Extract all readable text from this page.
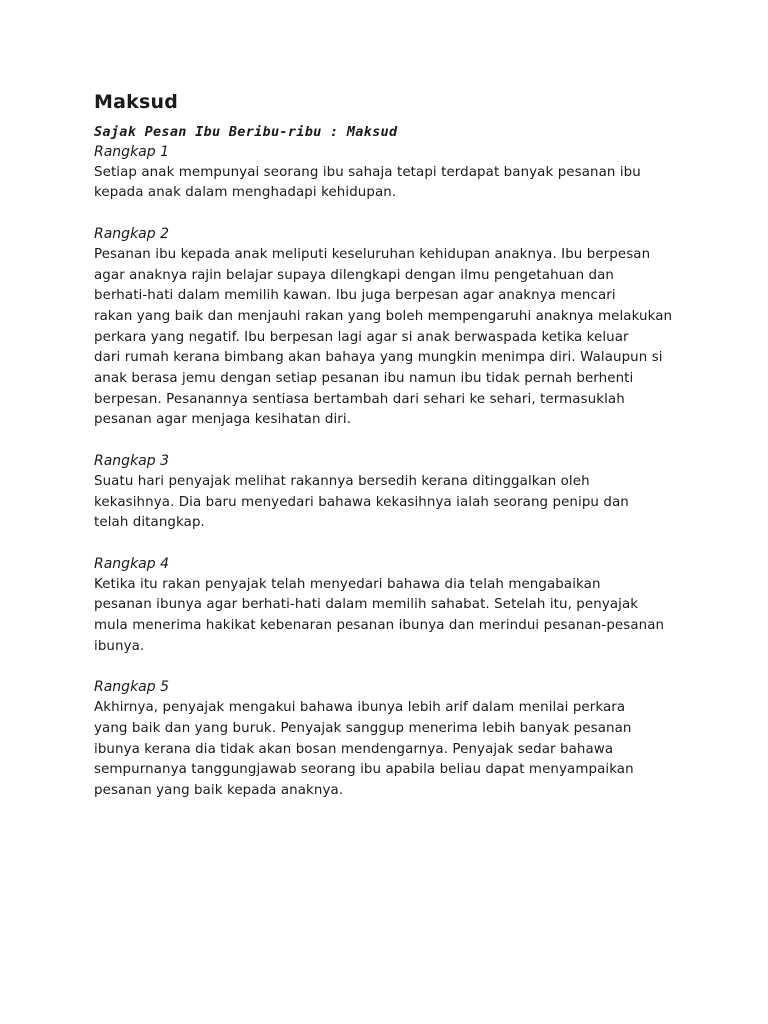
Maksud

Sajak Pesan Ibu Beribu-ribu : Maksud

Rangkap 1

Setiap anak mempunyai seorang ibu sahaja tetapi terdapat banyak pesanan ibu

kepada anak dalam menghadapi kehidupan.

Rangkap 2

Pesanan ibu kepada anak meliputi keseluruhan kehidupan anaknya. Ibu berpesan

agar anaknya rajin belajar supaya dilengkapi dengan ilmu pengetahuan dan

berhati-hati dalam memilih kawan. Ibu juga berpesan agar anaknya mencari

rakan yang baik dan menjauhi rakan yang boleh mempengaruhi anaknya melakukan

perkara yang negatif. Ibu berpesan lagi agar si anak berwaspada ketika keluar

dari rumah kerana bimbang akan bahaya yang mungkin menimpa diri. Walaupun si

anak berasa jemu dengan setiap pesanan ibu namun ibu tidak pernah berhenti

berpesan. Pesanannya sentiasa bertambah dari sehari ke sehari, termasuklah

pesanan agar menjaga kesihatan diri.

Rangkap 3

Suatu hari penyajak melihat rakannya bersedih kerana ditinggalkan oleh

kekasihnya. Dia baru menyedari bahawa kekasihnya ialah seorang penipu dan

telah ditangkap.

Rangkap 4

Ketika itu rakan penyajak telah menyedari bahawa dia telah mengabaikan

pesanan ibunya agar berhati-hati dalam memilih sahabat. Setelah itu, penyajak

mula menerima hakikat kebenaran pesanan ibunya dan merindui pesanan-pesanan

ibunya.

Rangkap 5

Akhirnya, penyajak mengakui bahawa ibunya lebih arif dalam menilai perkara

yang baik dan yang buruk. Penyajak sanggup menerima lebih banyak pesanan

ibunya kerana dia tidak akan bosan mendengarnya. Penyajak sedar bahawa

sempurnanya tanggungjawab seorang ibu apabila beliau dapat menyampaikan

pesanan yang baik kepada anaknya.
